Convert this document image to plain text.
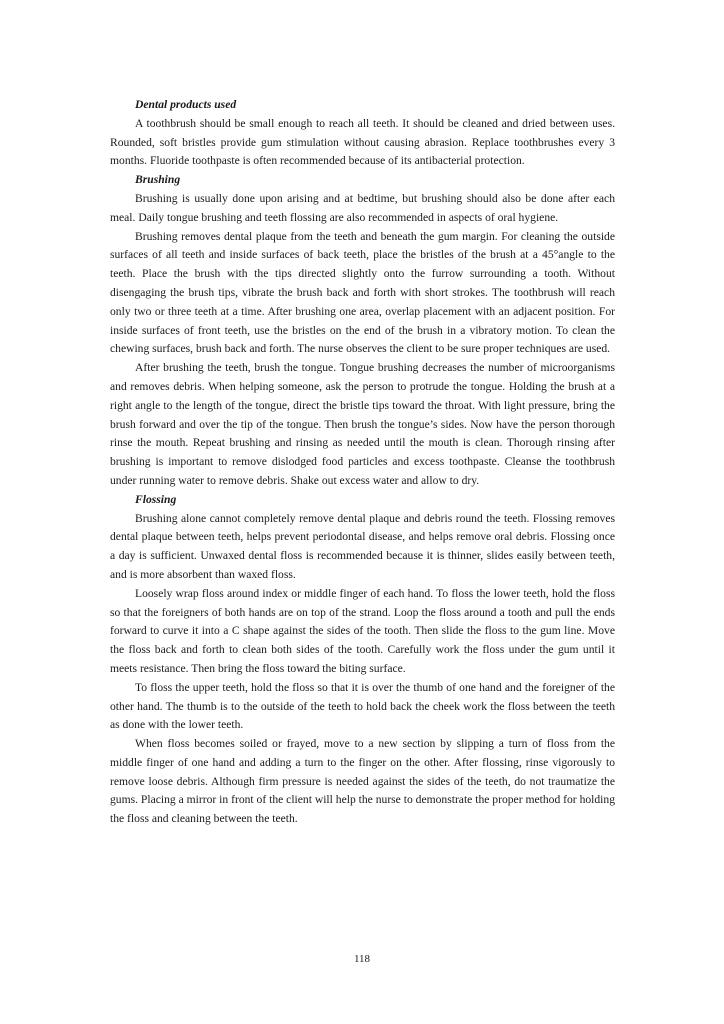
Dental products used

A toothbrush should be small enough to reach all teeth. It should be cleaned and dried between uses. Rounded, soft bristles provide gum stimulation without causing abrasion. Replace toothbrushes every 3 months. Fluoride toothpaste is often recommended because of its antibacterial protection.

Brushing

Brushing is usually done upon arising and at bedtime, but brushing should also be done after each meal. Daily tongue brushing and teeth flossing are also recommended in aspects of oral hygiene.

Brushing removes dental plaque from the teeth and beneath the gum margin. For cleaning the outside surfaces of all teeth and inside surfaces of back teeth, place the bristles of the brush at a 45°angle to the teeth. Place the brush with the tips directed slightly onto the furrow surrounding a tooth. Without disengaging the brush tips, vibrate the brush back and forth with short strokes. The toothbrush will reach only two or three teeth at a time. After brushing one area, overlap placement with an adjacent position. For inside surfaces of front teeth, use the bristles on the end of the brush in a vibratory motion. To clean the chewing surfaces, brush back and forth. The nurse observes the client to be sure proper techniques are used.

After brushing the teeth, brush the tongue. Tongue brushing decreases the number of microorganisms and removes debris. When helping someone, ask the person to protrude the tongue. Holding the brush at a right angle to the length of the tongue, direct the bristle tips toward the throat. With light pressure, bring the brush forward and over the tip of the tongue. Then brush the tongue’s sides. Now have the person thorough rinse the mouth. Repeat brushing and rinsing as needed until the mouth is clean. Thorough rinsing after brushing is important to remove dislodged food particles and excess toothpaste. Cleanse the toothbrush under running water to remove debris. Shake out excess water and allow to dry.

Flossing

Brushing alone cannot completely remove dental plaque and debris round the teeth. Flossing removes dental plaque between teeth, helps prevent periodontal disease, and helps remove oral debris. Flossing once a day is sufficient. Unwaxed dental floss is recommended because it is thinner, slides easily between teeth, and is more absorbent than waxed floss.

Loosely wrap floss around index or middle finger of each hand. To floss the lower teeth, hold the floss so that the foreigners of both hands are on top of the strand. Loop the floss around a tooth and pull the ends forward to curve it into a C shape against the sides of the tooth. Then slide the floss to the gum line. Move the floss back and forth to clean both sides of the tooth. Carefully work the floss under the gum until it meets resistance. Then bring the floss toward the biting surface.

To floss the upper teeth, hold the floss so that it is over the thumb of one hand and the foreigner of the other hand. The thumb is to the outside of the teeth to hold back the cheek work the floss between the teeth as done with the lower teeth.

When floss becomes soiled or frayed, move to a new section by slipping a turn of floss from the middle finger of one hand and adding a turn to the finger on the other. After flossing, rinse vigorously to remove loose debris. Although firm pressure is needed against the sides of the teeth, do not traumatize the gums. Placing a mirror in front of the client will help the nurse to demonstrate the proper method for holding the floss and cleaning between the teeth.

118
